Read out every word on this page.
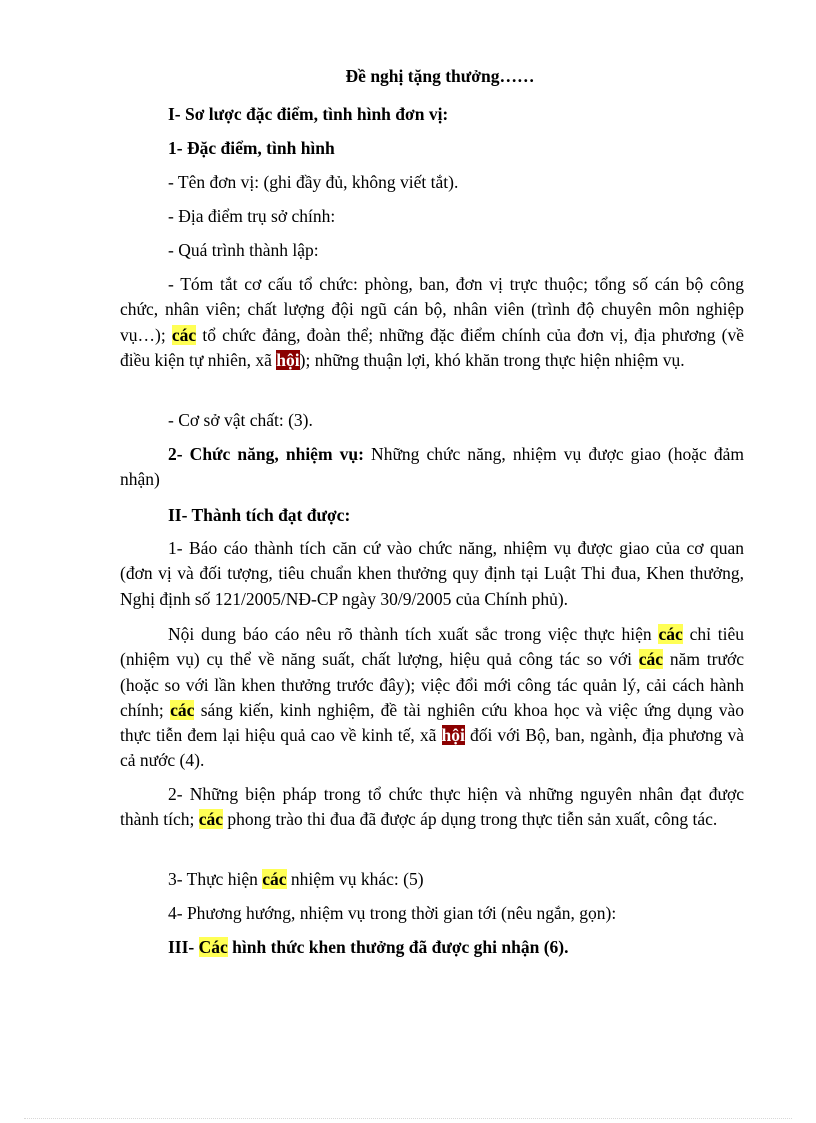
Đề nghị tặng thưởng……
I- Sơ lược đặc điểm, tình hình đơn vị:
1- Đặc điểm, tình hình
- Tên đơn vị: (ghi đầy đủ, không viết tắt).
- Địa điểm trụ sở chính:
- Quá trình thành lập:
- Tóm tắt cơ cấu tổ chức: phòng, ban, đơn vị trực thuộc; tổng số cán bộ công chức, nhân viên; chất lượng đội ngũ cán bộ, nhân viên (trình độ chuyên môn nghiệp vụ…); các tổ chức đảng, đoàn thể; những đặc điểm chính của đơn vị, địa phương (về điều kiện tự nhiên, xã hội); những thuận lợi, khó khăn trong thực hiện nhiệm vụ.
- Cơ sở vật chất: (3).
2- Chức năng, nhiệm vụ: Những chức năng, nhiệm vụ được giao (hoặc đảm nhận)
II- Thành tích đạt được:
1- Báo cáo thành tích căn cứ vào chức năng, nhiệm vụ được giao của cơ quan (đơn vị và đối tượng, tiêu chuẩn khen thưởng quy định tại Luật Thi đua, Khen thưởng, Nghị định số 121/2005/NĐ-CP ngày 30/9/2005 của Chính phủ).
Nội dung báo cáo nêu rõ thành tích xuất sắc trong việc thực hiện các chỉ tiêu (nhiệm vụ) cụ thể về năng suất, chất lượng, hiệu quả công tác so với các năm trước (hoặc so với lần khen thưởng trước đây); việc đổi mới công tác quản lý, cải cách hành chính; các sáng kiến, kinh nghiệm, đề tài nghiên cứu khoa học và việc ứng dụng vào thực tiễn đem lại hiệu quả cao về kinh tế, xã hội đối với Bộ, ban, ngành, địa phương và cả nước (4).
2- Những biện pháp trong tổ chức thực hiện và những nguyên nhân đạt được thành tích; các phong trào thi đua đã được áp dụng trong thực tiễn sản xuất, công tác.
3- Thực hiện các nhiệm vụ khác: (5)
4- Phương hướng, nhiệm vụ trong thời gian tới (nêu ngắn, gọn):
III- Các hình thức khen thưởng đã được ghi nhận (6).
